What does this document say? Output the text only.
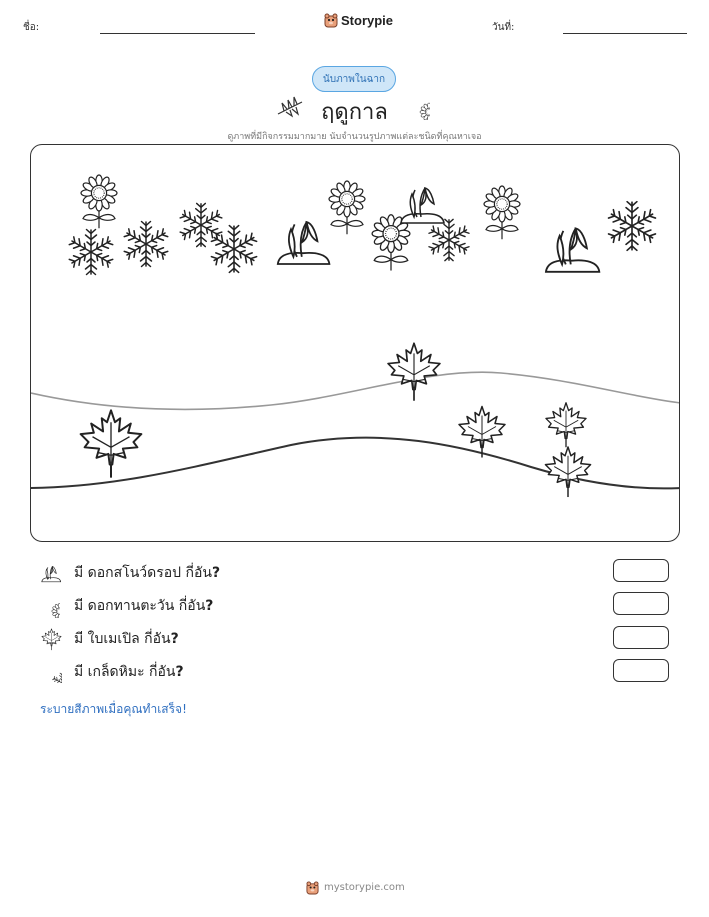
ชื่อ:	Storypie	วันที่:
นับภาพในฉาก
ฤดูกาล
ดูภาพที่มีกิจกรรมมากมาย นับจำนวนรูปภาพแต่ละชนิดที่คุณหาเจอ
มี ดอกสโนว์ดรอป กี่อัน?
มี ดอกทานตะวัน กี่อัน?
มี ใบเมเปิล กี่อัน?
มี เกล็ดหิมะ กี่อัน?
ระบายสีภาพเมื่อคุณทำเสร็จ!
mystorypie.com
